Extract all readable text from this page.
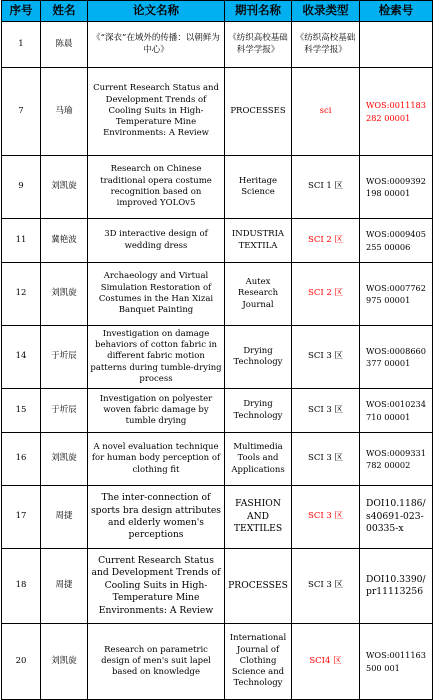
序号	姓名	论文名称	期刊名称	收录类型	检索号
1	陈晨	《“深衣”在域外的传播：以朝鲜为中心》	《纺织高校基础科学学报》	《纺织高校基础科学学报》	
7	马瑜	Current Research Status and Development Trends of Cooling Suits in High-Temperature Mine Environments: A Review	PROCESSES	sci	WOS:0011183282 00001
9	刘凯旋	Research on Chinese traditional opera costume recognition based on improved YOLOv5	Heritage Science	SCI 1 区	WOS:0009392198 00001
11	冀艳波	3D interactive design of wedding dress	INDUSTRIA TEXTILA	SCI 2 区	WOS:0009405255 00006
12	刘凯旋	Archaeology and Virtual Simulation Restoration of Costumes in the Han Xizai Banquet Painting	Autex Research Journal	SCI 2 区	WOS:0007762975 00001
14	于圻辰	Investigation on damage behaviors of cotton fabric in different fabric motion patterns during tumble-drying process	Drying Technology	SCI 3 区	WOS:0008660377 00001
15	于圻辰	Investigation on polyester woven fabric damage by tumble drying	Drying Technology	SCI 3 区	WOS:0010234710 00001
16	刘凯旋	A novel evaluation technique for human body perception of clothing fit	Multimedia Tools and Applications	SCI 3 区	WOS:0009331782 00002
17	周捷	The inter-connection of sports bra design attributes and elderly women's perceptions	FASHION AND TEXTILES	SCI 3 区	DOI10.1186/s40691-023-00335-x
18	周捷	Current Research Status and Development Trends of Cooling Suits in High-Temperature Mine Environments: A Review	PROCESSES	SCI 3 区	DOI10.3390/pr11113256
20	刘凯旋	Research on parametric design of men's suit lapel based on knowledge	International Journal of Clothing Science and Technology	SCI4 区	WOS:0011163500 001
